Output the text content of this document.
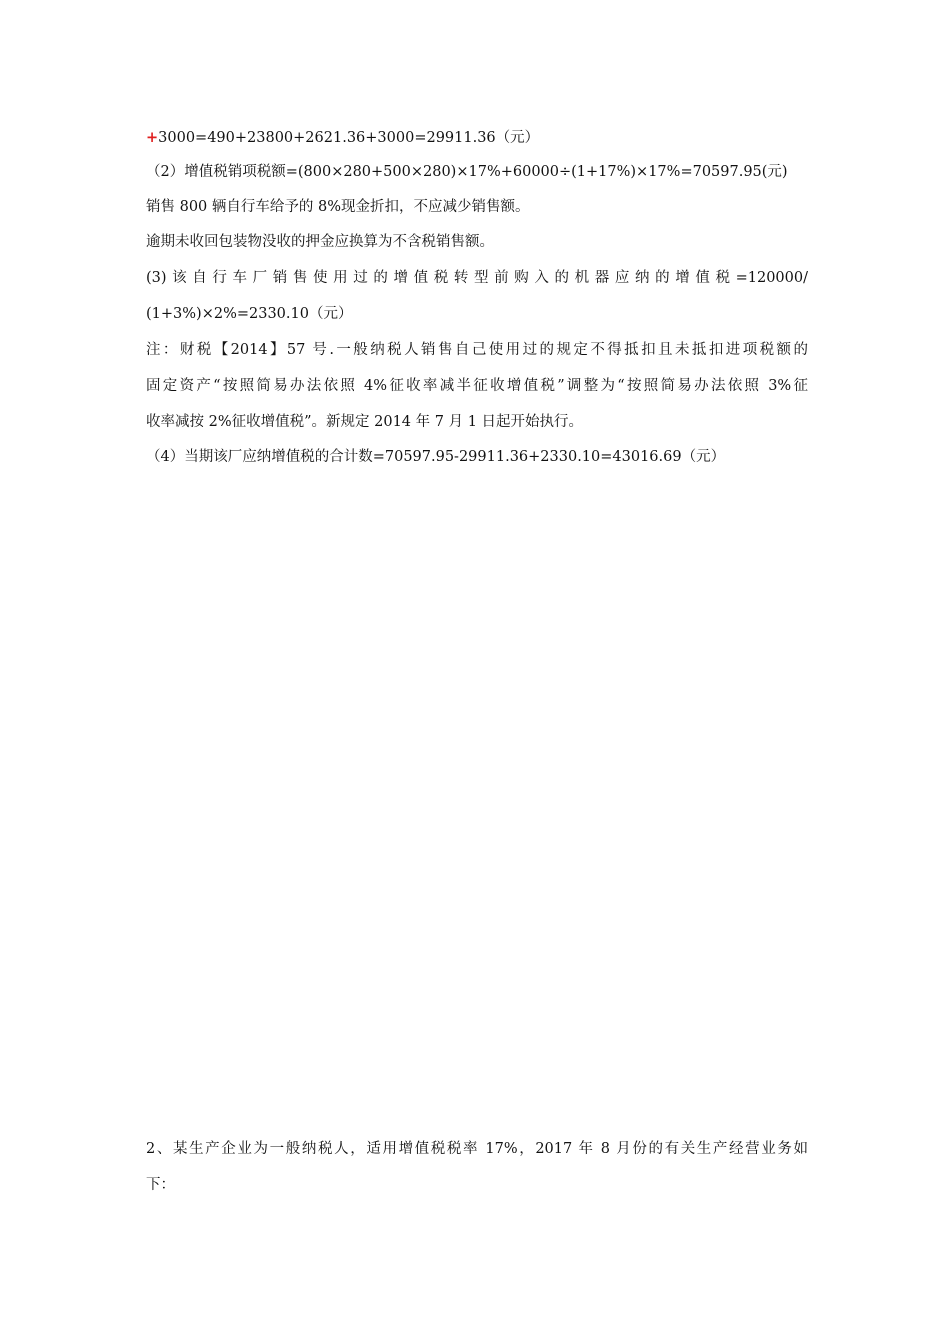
+3000=490+23800+2621.36+3000=29911.36（元）
（2）增值税销项税额=(800×280+500×280)×17%+60000÷(1+17%)×17%=70597.95(元)
销售 800 辆自行车给予的 8%现金折扣，不应减少销售额。
逾期未收回包装物没收的押金应换算为不含税销售额。
(3)该自行车厂销售使用过的增值税转型前购入的机器应纳的增值税=120000/
(1+3%)×2%=2330.10（元）
注：财税【2014】57 号.一般纳税人销售自己使用过的规定不得抵扣且未抵扣进项税额的
固定资产“按照简易办法依照 4%征收率减半征收增值税”调整为“按照简易办法依照 3%征
收率减按 2%征收增值税”。新规定 2014 年 7 月 1 日起开始执行。
（4）当期该厂应纳增值税的合计数=70597.95-29911.36+2330.10=43016.69（元）
2、某生产企业为一般纳税人，适用增值税税率 17%，2017 年 8 月份的有关生产经营业务如
下：
